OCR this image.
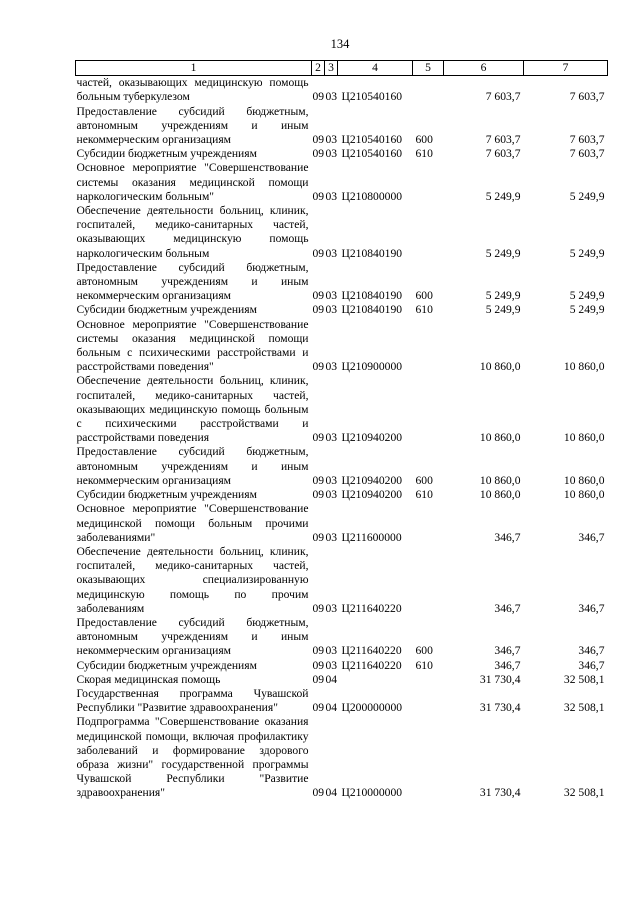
134
1	2	3	4	5	6	7
частей, оказывающих медицинскую помощь больным туберкулезом	09	03	Ц210540160		7 603,7	7 603,7
Предоставление субсидий бюджетным, автономным учреждениям и иным некоммерческим организациям	09	03	Ц210540160	600	7 603,7	7 603,7
Субсидии бюджетным учреждениям	09	03	Ц210540160	610	7 603,7	7 603,7
Основное мероприятие "Совершенствование системы оказания медицинской помощи наркологическим больным"	09	03	Ц210800000		5 249,9	5 249,9
Обеспечение деятельности больниц, клиник, госпиталей, медико-санитарных частей, оказывающих медицинскую помощь наркологическим больным	09	03	Ц210840190		5 249,9	5 249,9
Предоставление субсидий бюджетным, автономным учреждениям и иным некоммерческим организациям	09	03	Ц210840190	600	5 249,9	5 249,9
Субсидии бюджетным учреждениям	09	03	Ц210840190	610	5 249,9	5 249,9
Основное мероприятие "Совершенствование системы оказания медицинской помощи больным с психическими расстройствами и расстройствами поведения"	09	03	Ц210900000		10 860,0	10 860,0
Обеспечение деятельности больниц, клиник, госпиталей, медико-санитарных частей, оказывающих медицинскую помощь больным с психическими расстройствами и расстройствами поведения	09	03	Ц210940200		10 860,0	10 860,0
Предоставление субсидий бюджетным, автономным учреждениям и иным некоммерческим организациям	09	03	Ц210940200	600	10 860,0	10 860,0
Субсидии бюджетным учреждениям	09	03	Ц210940200	610	10 860,0	10 860,0
Основное мероприятие "Совершенствование медицинской помощи больным прочими заболеваниями"	09	03	Ц211600000		346,7	346,7
Обеспечение деятельности больниц, клиник, госпиталей, медико-санитарных частей, оказывающих специализированную медицинскую помощь по прочим заболеваниям	09	03	Ц211640220		346,7	346,7
Предоставление субсидий бюджетным, автономным учреждениям и иным некоммерческим организациям	09	03	Ц211640220	600	346,7	346,7
Субсидии бюджетным учреждениям	09	03	Ц211640220	610	346,7	346,7
Скорая медицинская помощь	09	04			31 730,4	32 508,1
Государственная программа Чувашской Республики "Развитие здравоохранения"	09	04	Ц200000000		31 730,4	32 508,1
Подпрограмма "Совершенствование оказания медицинской помощи, включая профилактику заболеваний и формирование здорового образа жизни" государственной программы Чувашской Республики "Развитие здравоохранения"	09	04	Ц210000000		31 730,4	32 508,1
